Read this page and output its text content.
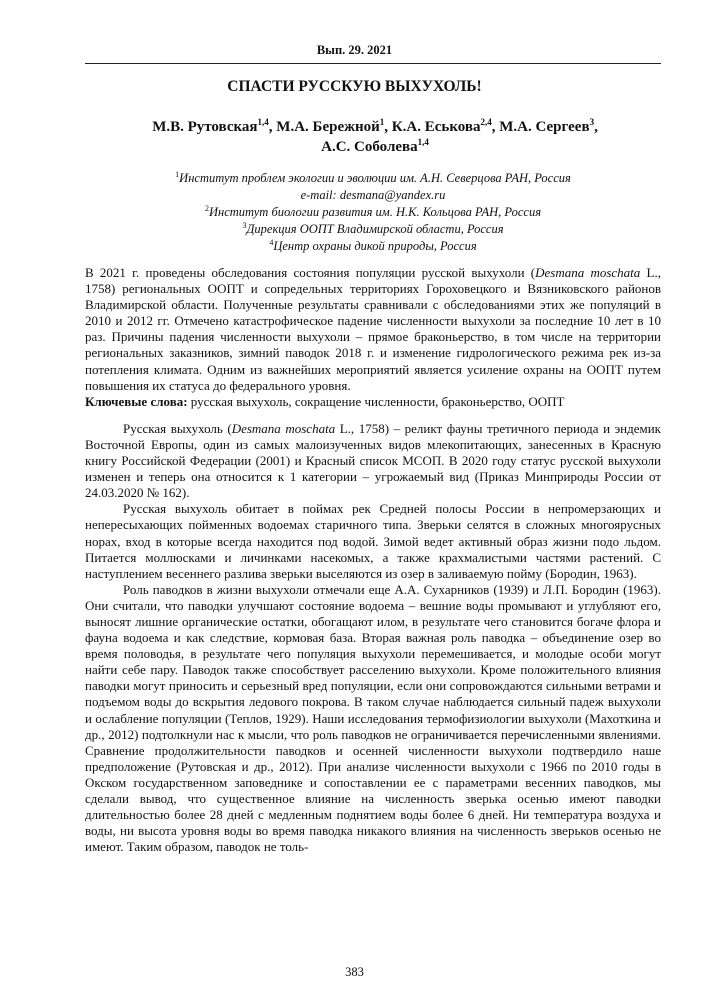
Вып. 29. 2021
СПАСТИ РУССКУЮ ВЫХУХОЛЬ!
М.В. Рутовская$^{1,4}$, М.А. Бережной$^1$, К.А. Еськова$^{2,4}$, М.А. Сергеев$^3$,
А.С. Соболева$^{1,4}$
$^1$Институт проблем экологии и эволюции им. А.Н. Северцова РАН, Россия
e-mail: desmana@yandex.ru
$^2$Институт биологии развития им. Н.К. Кольцова РАН, Россия
$^3$Дирекция ООПТ Владимирской области, Россия
$^4$Центр охраны дикой природы, Россия

В 2021 г. проведены обследования состояния популяции русской выхухоли (Desmana moschata L., 1758) региональных ООПТ и сопредельных территориях Гороховецкого и Вязниковского районов Владимирской области. Полученные результаты сравнивали с обследованиями этих же популяций в 2010 и 2012 гг. Отмечено катастрофическое падение численности выхухоли за последние 10 лет в 10 раз. Причины падения численности выхухоли – прямое браконьерство, в том числе на территории региональных заказников, зимний паводок 2018 г. и изменение гидрологического режима рек из-за потепления климата. Одним из важнейших мероприятий является усиление охраны на ООПТ путем повышения их статуса до федерального уровня.

Ключевые слова: русская выхухоль, сокращение численности, браконьерство, ООПТ

Русская выхухоль (Desmana moschata L., 1758) – реликт фауны третичного периода и эндемик Восточной Европы, один из самых малоизученных видов млекопитающих, занесенных в Красную книгу Российской Федерации (2001) и Красный список МСОП. В 2020 году статус русской выхухоли изменен и теперь она относится к 1 категории – угрожаемый вид (Приказ Минприроды России от 24.03.2020 № 162).

Русская выхухоль обитает в поймах рек Средней полосы России в непромерзающих и непересыхающих пойменных водоемах старичного типа. Зверьки селятся в сложных многоярусных норах, вход в которые всегда находится под водой. Зимой ведет активный образ жизни подо льдом. Питается моллюсками и личинками насекомых, а также крахмалистыми частями растений. С наступлением весеннего разлива зверьки выселяются из озер в заливаемую пойму (Бородин, 1963).

Роль паводков в жизни выхухоли отмечали еще А.А. Сухарников (1939) и Л.П. Бородин (1963). Они считали, что паводки улучшают состояние водоема – вешние воды промывают и углубляют его, выносят лишние органические остатки, обогащают илом, в результате чего становится богаче флора и фауна водоема и как следствие, кормовая база. Вторая важная роль паводка – объединение озер во время половодья, в результате чего популяция выхухоли перемешивается, и молодые особи могут найти себе пару. Паводок также способствует расселению выхухоли. Кроме положительного влияния паводки могут приносить и серьезный вред популяции, если они сопровождаются сильными ветрами и подъемом воды до вскрытия ледового покрова. В таком случае наблюдается сильный падеж выхухоли и ослабление популяции (Теплов, 1929). Наши исследования термофизиологии выхухоли (Махоткина и др., 2012) подтолкнули нас к мысли, что роль паводков не ограничивается перечисленными явлениями. Сравнение продолжительности паводков и осенней численности выхухоли подтвердило наше предположение (Рутовская и др., 2012). При анализе численности выхухоли с 1966 по 2010 годы в Окском государственном заповеднике и сопоставлении ее с параметрами весенних паводков, мы сделали вывод, что существенное влияние на численность зверька осенью имеют паводки длительностью более 28 дней с медленным поднятием воды более 6 дней. Ни температура воздуха и воды, ни высота уровня воды во время паводка никакого влияния на численность зверьков осенью не имеют. Таким образом, паводок не толь-

383
